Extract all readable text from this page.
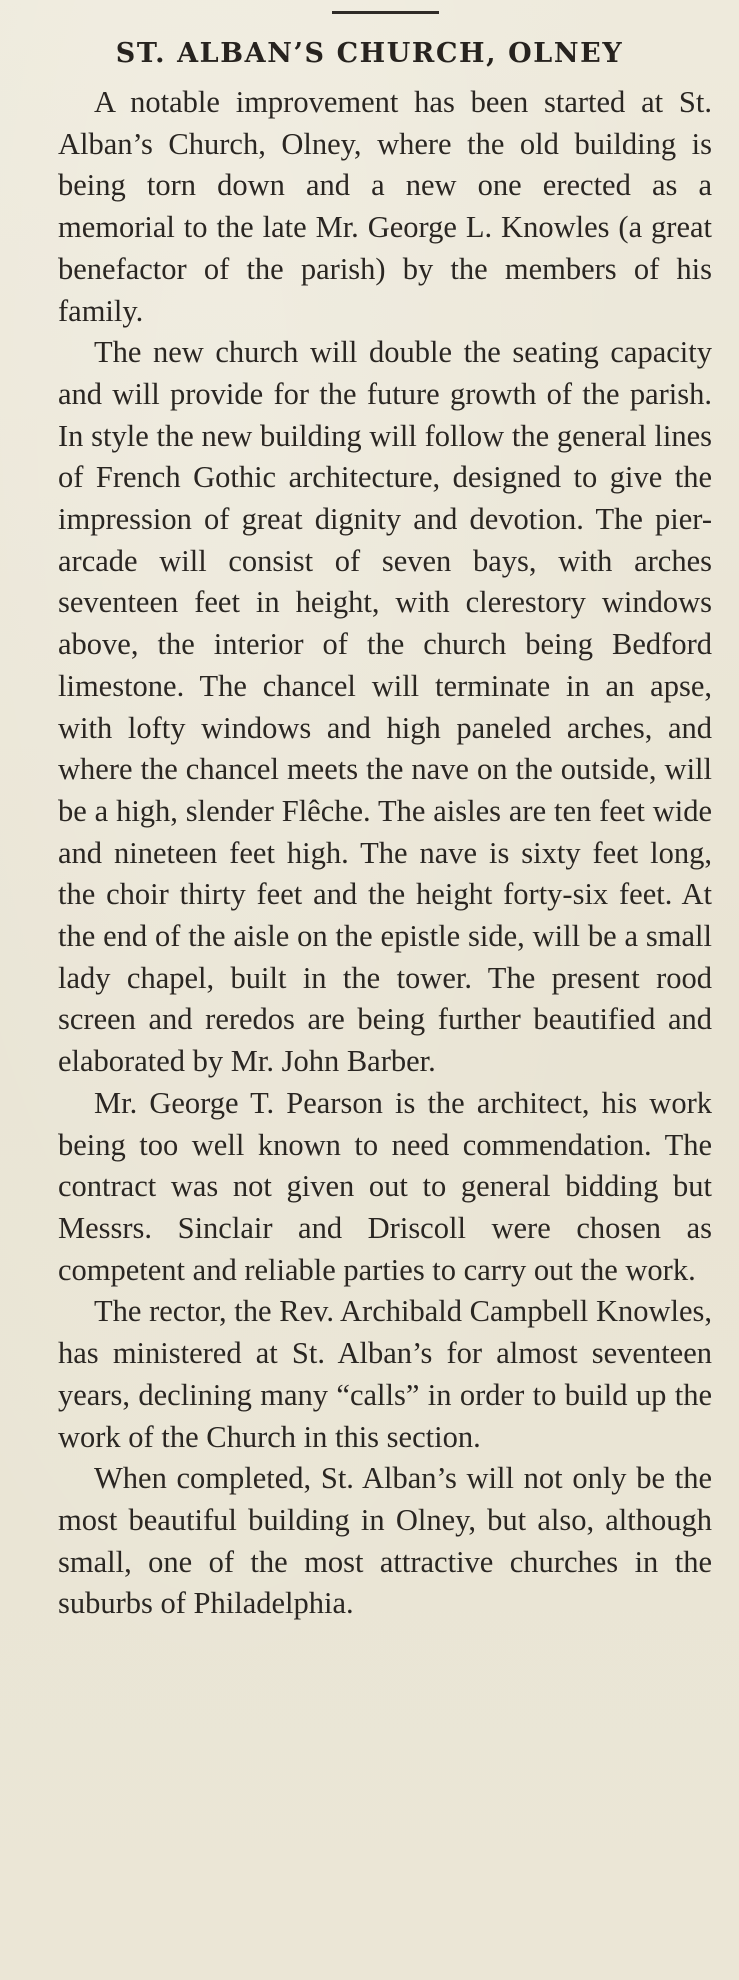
ST. ALBAN’S CHURCH, OLNEY

A notable improvement has been started at St. Alban’s Church, Olney, where the old building is being torn down and a new one erected as a memorial to the late Mr. George L. Knowles (a great benefactor of the parish) by the members of his family.

The new church will double the seating capacity and will provide for the future growth of the parish. In style the new building will follow the general lines of French Gothic architecture, designed to give the impression of great dignity and devotion. The pier-arcade will consist of seven bays, with arches seventeen feet in height, with clerestory windows above, the interior of the church being Bedford limestone. The chancel will terminate in an apse, with lofty windows and high paneled arches, and where the chancel meets the nave on the outside, will be a high, slender Flêche. The aisles are ten feet wide and nineteen feet high. The nave is sixty feet long, the choir thirty feet and the height forty-six feet. At the end of the aisle on the epistle side, will be a small lady chapel, built in the tower. The present rood screen and reredos are being further beautified and elaborated by Mr. John Barber.

Mr. George T. Pearson is the architect, his work being too well known to need commendation. The contract was not given out to general bidding but Messrs. Sinclair and Driscoll were chosen as competent and reliable parties to carry out the work.

The rector, the Rev. Archibald Campbell Knowles, has ministered at St. Alban’s for almost seventeen years, declining many “calls” in order to build up the work of the Church in this section.

When completed, St. Alban’s will not only be the most beautiful building in Olney, but also, although small, one of the most attractive churches in the suburbs of Philadelphia.
